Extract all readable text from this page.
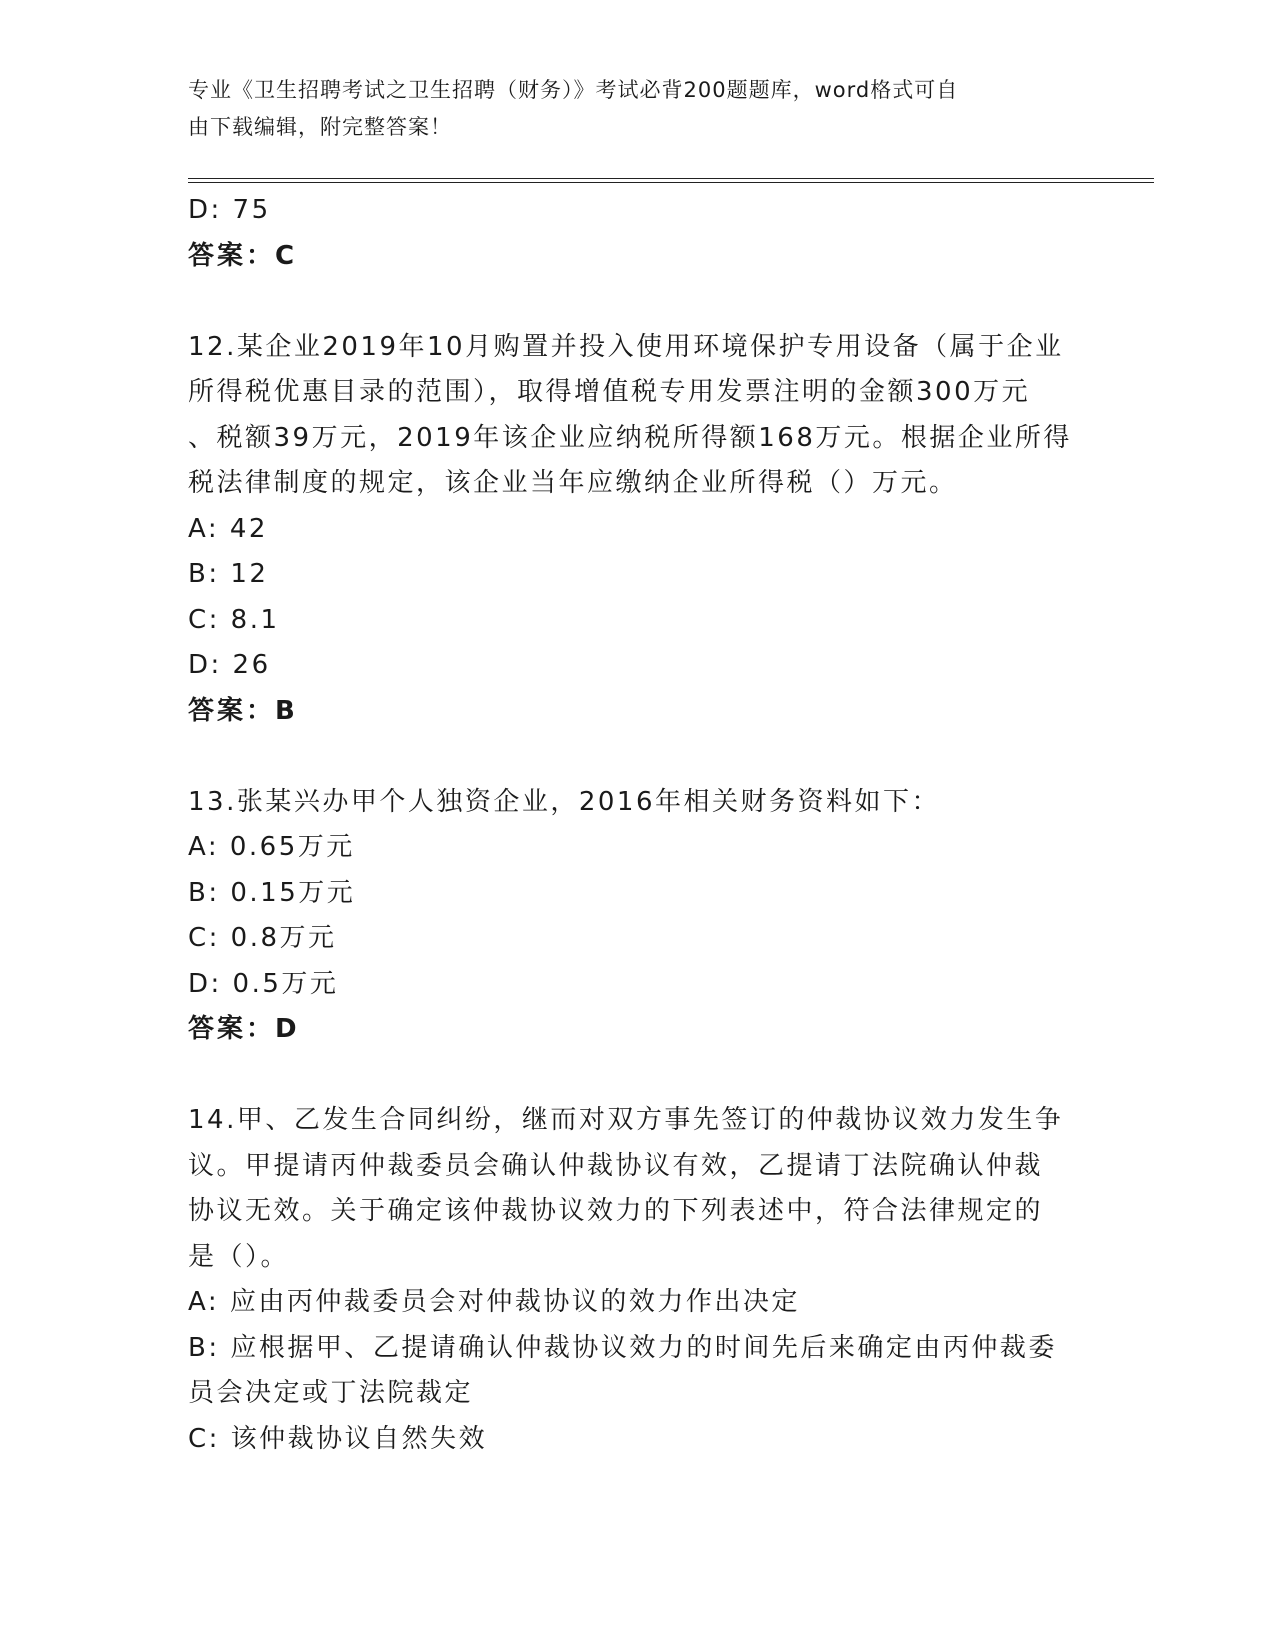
专业《卫生招聘考试之卫生招聘（财务）》考试必背200题题库，word格式可自
由下载编辑，附完整答案！
D: 75
答案：C
12.某企业2019年10月购置并投入使用环境保护专用设备（属于企业
所得税优惠目录的范围），取得增值税专用发票注明的金额300万元
、税额39万元，2019年该企业应纳税所得额168万元。根据企业所得
税法律制度的规定，该企业当年应缴纳企业所得税（）万元。
A: 42
B: 12
C: 8.1
D: 26
答案：B
13.张某兴办甲个人独资企业，2016年相关财务资料如下：
A: 0.65万元
B: 0.15万元
C: 0.8万元
D: 0.5万元
答案：D
14.甲、乙发生合同纠纷，继而对双方事先签订的仲裁协议效力发生争
议。甲提请丙仲裁委员会确认仲裁协议有效，乙提请丁法院确认仲裁
协议无效。关于确定该仲裁协议效力的下列表述中，符合法律规定的
是（）。
A: 应由丙仲裁委员会对仲裁协议的效力作出决定
B: 应根据甲、乙提请确认仲裁协议效力的时间先后来确定由丙仲裁委
员会决定或丁法院裁定
C: 该仲裁协议自然失效
